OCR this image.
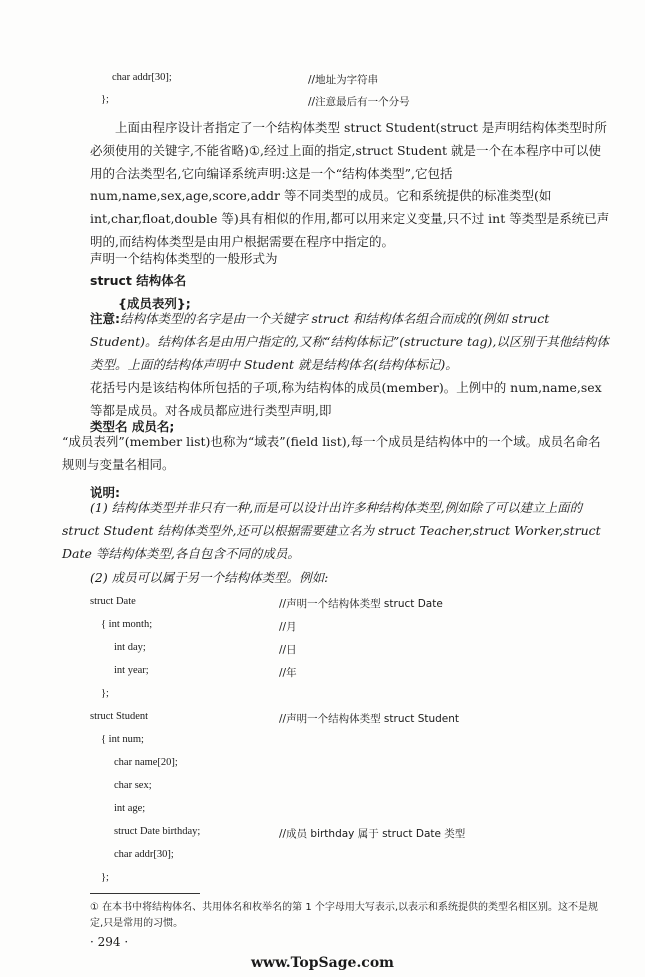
char addr[30];	//地址为字符串
};	//注意最后有一个分号
上面由程序设计者指定了一个结构体类型 struct Student(struct 是声明结构体类型时所必须使用的关键字,不能省略)①,经过上面的指定,struct Student 就是一个在本程序中可以使用的合法类型名,它向编译系统声明:这是一个“结构体类型”,它包括 num,name,sex,age,score,addr 等不同类型的成员。它和系统提供的标准类型(如 int,char,float,double 等)具有相似的作用,都可以用来定义变量,只不过 int 等类型是系统已声明的,而结构体类型是由用户根据需要在程序中指定的。
声明一个结构体类型的一般形式为
struct 结构体名
{成员表列};
注意:结构体类型的名字是由一个关键字 struct 和结构体名组合而成的(例如 struct Student)。结构体名是由用户指定的,又称“结构体标记”(structure tag),以区别于其他结构体类型。上面的结构体声明中 Student 就是结构体名(结构体标记)。
花括号内是该结构体所包括的子项,称为结构体的成员(member)。上例中的 num,name,sex 等都是成员。对各成员都应进行类型声明,即
类型名 成员名;
“成员表列”(member list)也称为“域表”(field list),每一个成员是结构体中的一个域。成员名命名规则与变量名相同。
说明:
(1) 结构体类型并非只有一种,而是可以设计出许多种结构体类型,例如除了可以建立上面的 struct Student 结构体类型外,还可以根据需要建立名为 struct Teacher,struct Worker,struct Date 等结构体类型,各自包含不同的成员。
(2) 成员可以属于另一个结构体类型。例如:
struct Date	//声明一个结构体类型 struct Date
{ int month;	//月
int day;	//日
int year;	//年
};
struct Student	//声明一个结构体类型 struct Student
{ int num;
char name[20];
char sex;
int age;
struct Date birthday;	//成员 birthday 属于 struct Date 类型
char addr[30];
};
① 在本书中将结构体名、共用体名和枚举名的第 1 个字母用大写表示,以表示和系统提供的类型名相区别。这不是规定,只是常用的习惯。
· 294 ·
www.TopSage.com
